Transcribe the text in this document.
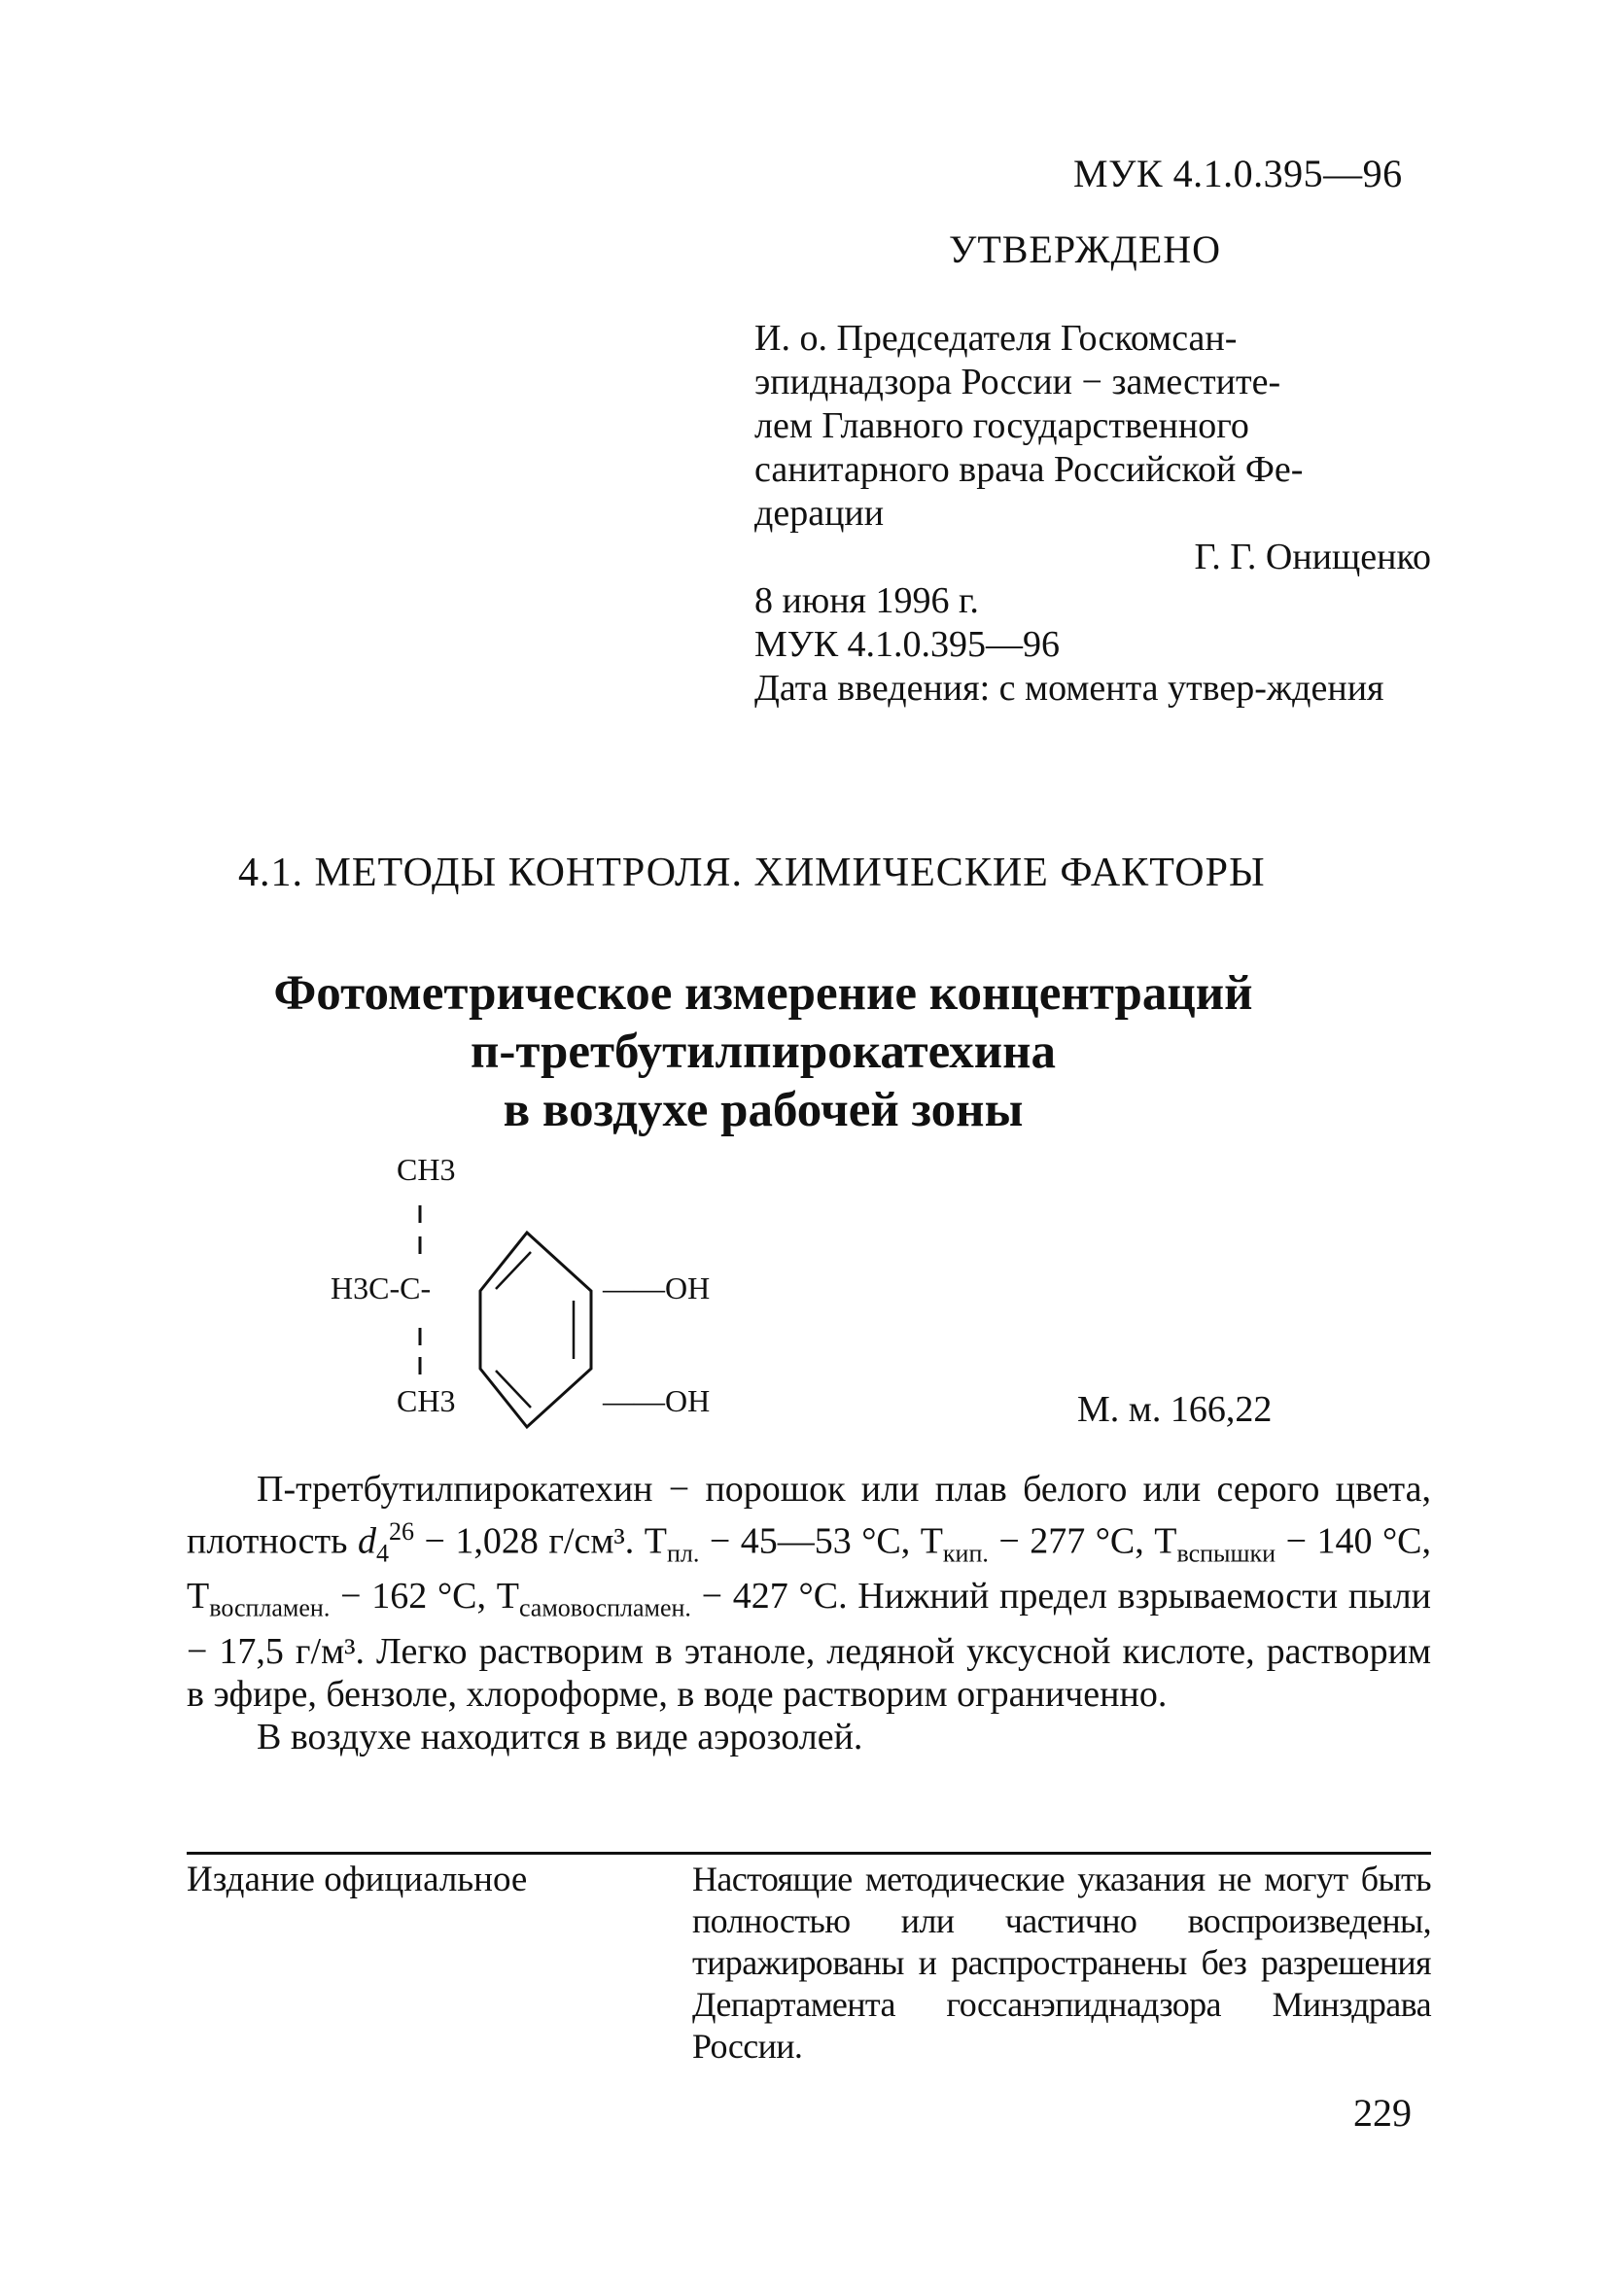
МУК 4.1.0.395—96
УТВЕРЖДЕНО
И. о. Председателя Госкомсан-
эпиднадзора России − заместите-
лем Главного государственного
санитарного врача Российской Фе-
дерации
Г. Г. Онищенко
8 июня 1996 г.
МУК 4.1.0.395—96
Дата введения: с момента утвер-ждения
4.1. МЕТОДЫ КОНТРОЛЯ. ХИМИЧЕСКИЕ ФАКТОРЫ
Фотометрическое измерение концентраций
п-третбутилпирокатехина
в воздухе рабочей зоны
CH3
H3C-C-
CH3
——OH
——OH	М. м. 166,22

П-третбутилпирокатехин − порошок или плав белого или серого цвета, плотность $d_4^{26} - 1,028$ г/см³. $T_{пл.}$ − 45—53 °С, $T_{кип.} - 277$ °С, $T_{вспышки} - 140$ °С, $T_{воспламен.} - 162$ °С, $T_{самовоспламен.} - 427$ °С. Нижний предел взрываемости пыли − 17,5 г/м³. Легко растворим в этаноле, ледяной уксусной кислоте, растворим в эфире, бензоле, хлороформе, в воде растворим ограниченно.

В воздухе находится в виде аэрозолей.

Издание официальное	Настоящие методические указания не могут быть полностью или частично воспроизведены, тиражированы и распространены без разрешения Департамента госсанэпиднадзора Минздрава России.
229
